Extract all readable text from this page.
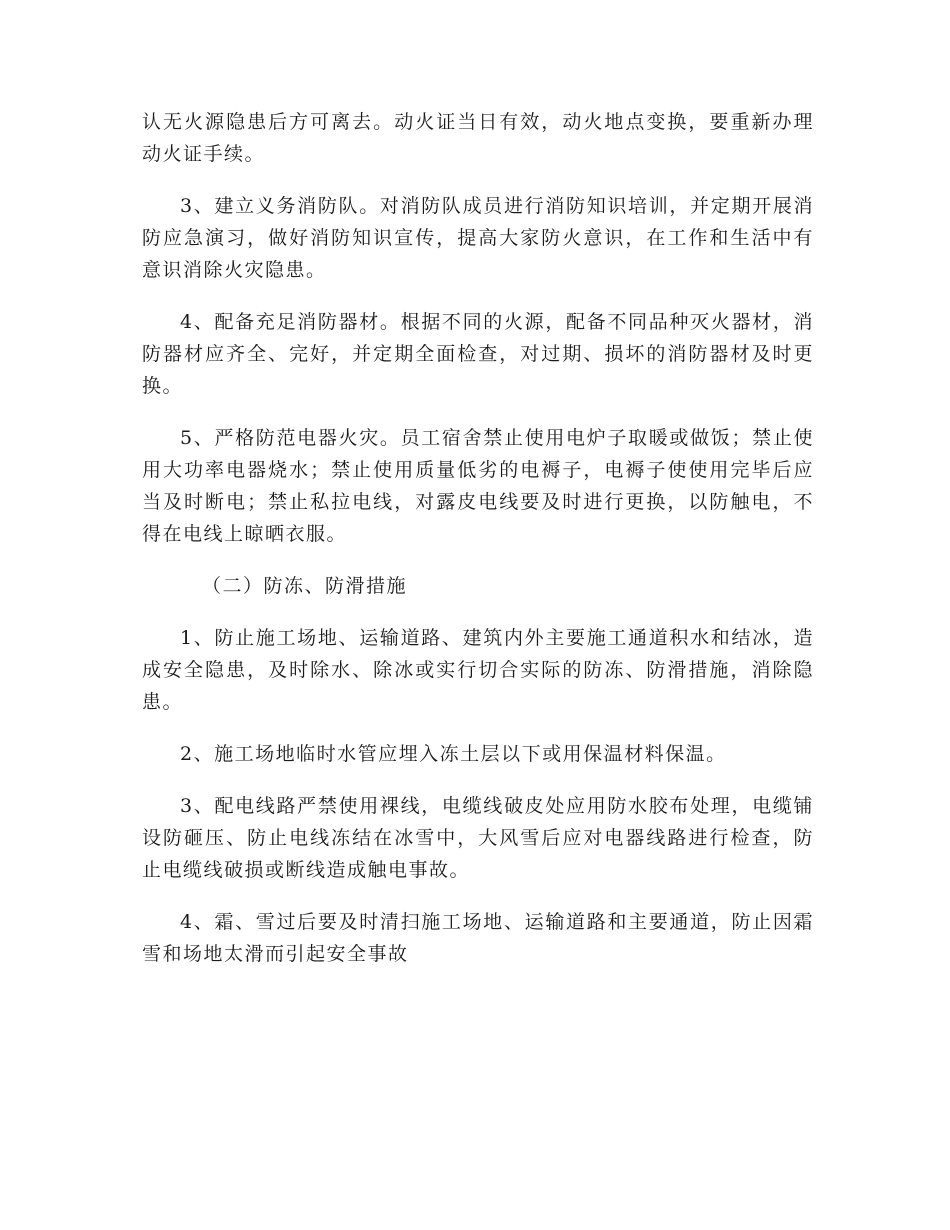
认无火源隐患后方可离去。动火证当日有效，动火地点变换，要重新办理动火证手续。

3、建立义务消防队。对消防队成员进行消防知识培训，并定期开展消防应急演习，做好消防知识宣传，提高大家防火意识，在工作和生活中有意识消除火灾隐患。

4、配备充足消防器材。根据不同的火源，配备不同品种灭火器材，消防器材应齐全、完好，并定期全面检查，对过期、损坏的消防器材及时更换。

5、严格防范电器火灾。员工宿舍禁止使用电炉子取暖或做饭；禁止使用大功率电器烧水；禁止使用质量低劣的电褥子，电褥子使使用完毕后应当及时断电；禁止私拉电线，对露皮电线要及时进行更换，以防触电，不得在电线上晾晒衣服。

（二）防冻、防滑措施

1、防止施工场地、运输道路、建筑内外主要施工通道积水和结冰，造成安全隐患，及时除水、除冰或实行切合实际的防冻、防滑措施，消除隐患。

2、施工场地临时水管应埋入冻土层以下或用保温材料保温。

3、配电线路严禁使用裸线，电缆线破皮处应用防水胶布处理，电缆铺设防砸压、防止电线冻结在冰雪中，大风雪后应对电器线路进行检查，防止电缆线破损或断线造成触电事故。

4、霜、雪过后要及时清扫施工场地、运输道路和主要通道，防止因霜雪和场地太滑而引起安全事故
